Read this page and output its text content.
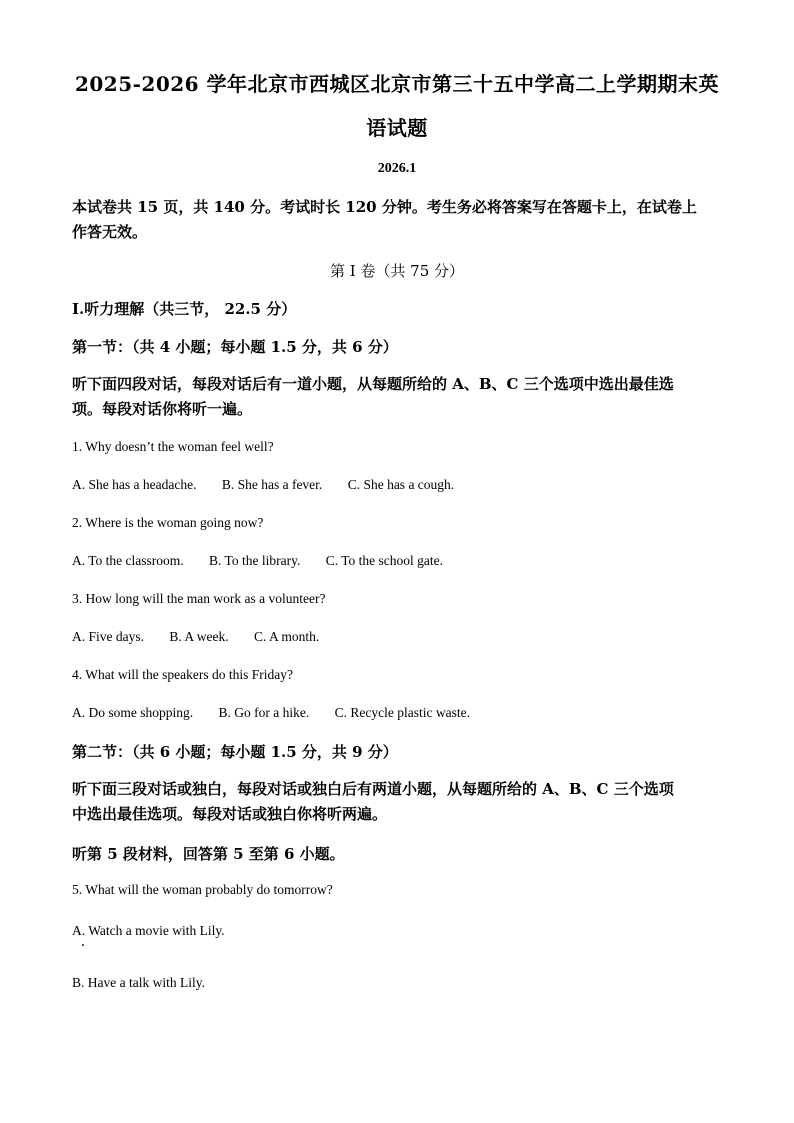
2025-2026 学年北京市西城区北京市第三十五中学高二上学期期末英
语试题
2026.1
本试卷共 15 页，共 140 分。考试时长 120 分钟。考生务必将答案写在答题卡上，在试卷上
作答无效。
第 I 卷（共 75 分）
I.听力理解（共三节， 22.5 分）
第一节：（共 4 小题；每小题 1.5 分，共 6 分）
听下面四段对话，每段对话后有一道小题，从每题所给的 A、B、C 三个选项中选出最佳选
项。每段对话你将听一遍。
1. Why doesn’t the woman feel well?
A. She has a headache. B. She has a fever. C. She has a cough.
2. Where is the woman going now?
A. To the classroom. B. To the library. C. To the school gate.
3. How long will the man work as a volunteer?
A. Five days. B. A week. C. A month.
4. What will the speakers do this Friday?
A. Do some shopping. B. Go for a hike. C. Recycle plastic waste.
第二节：（共 6 小题；每小题 1.5 分，共 9 分）
听下面三段对话或独白，每段对话或独白后有两道小题，从每题所给的 A、B、C 三个选项
中选出最佳选项。每段对话或独白你将听两遍。
听第 5 段材料，回答第 5 至第 6 小题。
5. What will the woman probably do tomorrow?
A. Watch a movie with Lily.
B. Have a talk with Lily.
